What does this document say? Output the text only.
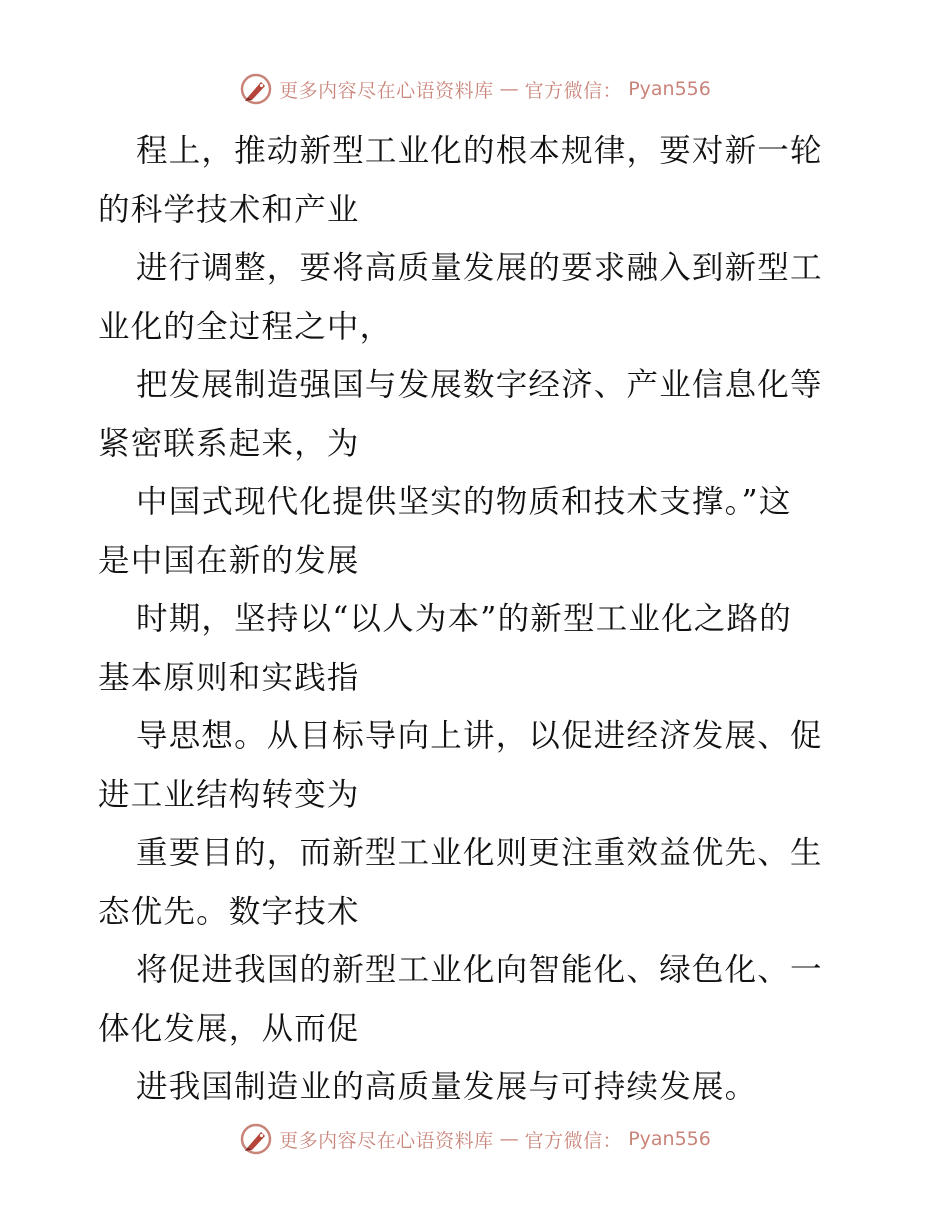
更多内容尽在心语资料库 — 官方微信： Pyan556

程上，推动新型工业化的根本规律，要对新一轮
的科学技术和产业

进行调整，要将高质量发展的要求融入到新型工
业化的全过程之中，

把发展制造强国与发展数字经济、产业信息化等
紧密联系起来，为

中国式现代化提供坚实的物质和技术支撑。”这
是中国在新的发展

时期，坚持以“以人为本”的新型工业化之路的
基本原则和实践指

导思想。从目标导向上讲，以促进经济发展、促
进工业结构转变为

重要目的，而新型工业化则更注重效益优先、生
态优先。数字技术

将促进我国的新型工业化向智能化、绿色化、一
体化发展，从而促

进我国制造业的高质量发展与可持续发展。

更多内容尽在心语资料库 — 官方微信： Pyan556
